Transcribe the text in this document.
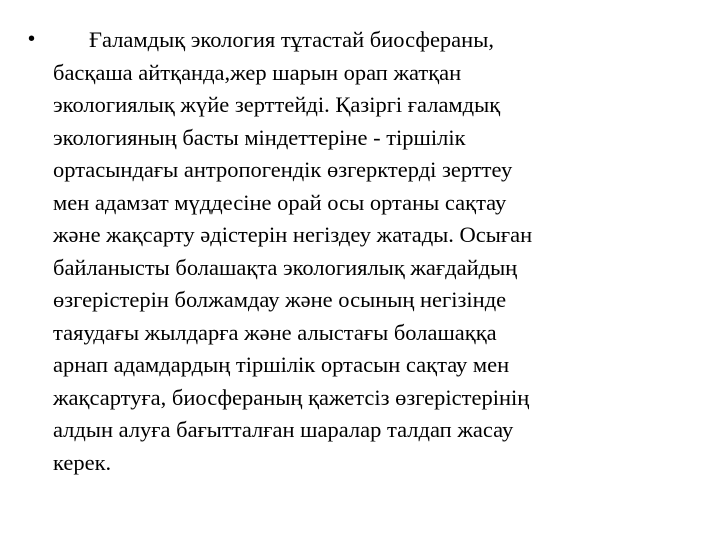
•	Ғаламдық экология тұтастай биосфераны,
басқаша айтқанда,жер шарын орап жатқан
экологиялық жүйе зерттейді. Қазіргі ғаламдық
экологияның басты міндеттеріне - тіршілік
ортасындағы антропогендік өзгерктерді зерттеу
мен адамзат мүддесіне орай осы ортаны сақтау
және жақсарту әдістерін негіздеу жатады. Осыған
байланысты болашақта экологиялық жағдайдың
өзгерістерін болжамдау және осының негізінде
таяудағы жылдарға және алыстағы болашаққа
арнап адамдардың тіршілік ортасын сақтау мен
жақсартуға, биосфераның қажетсіз өзгерістерінің
алдын алуға бағытталған шаралар талдап жасау
керек.
